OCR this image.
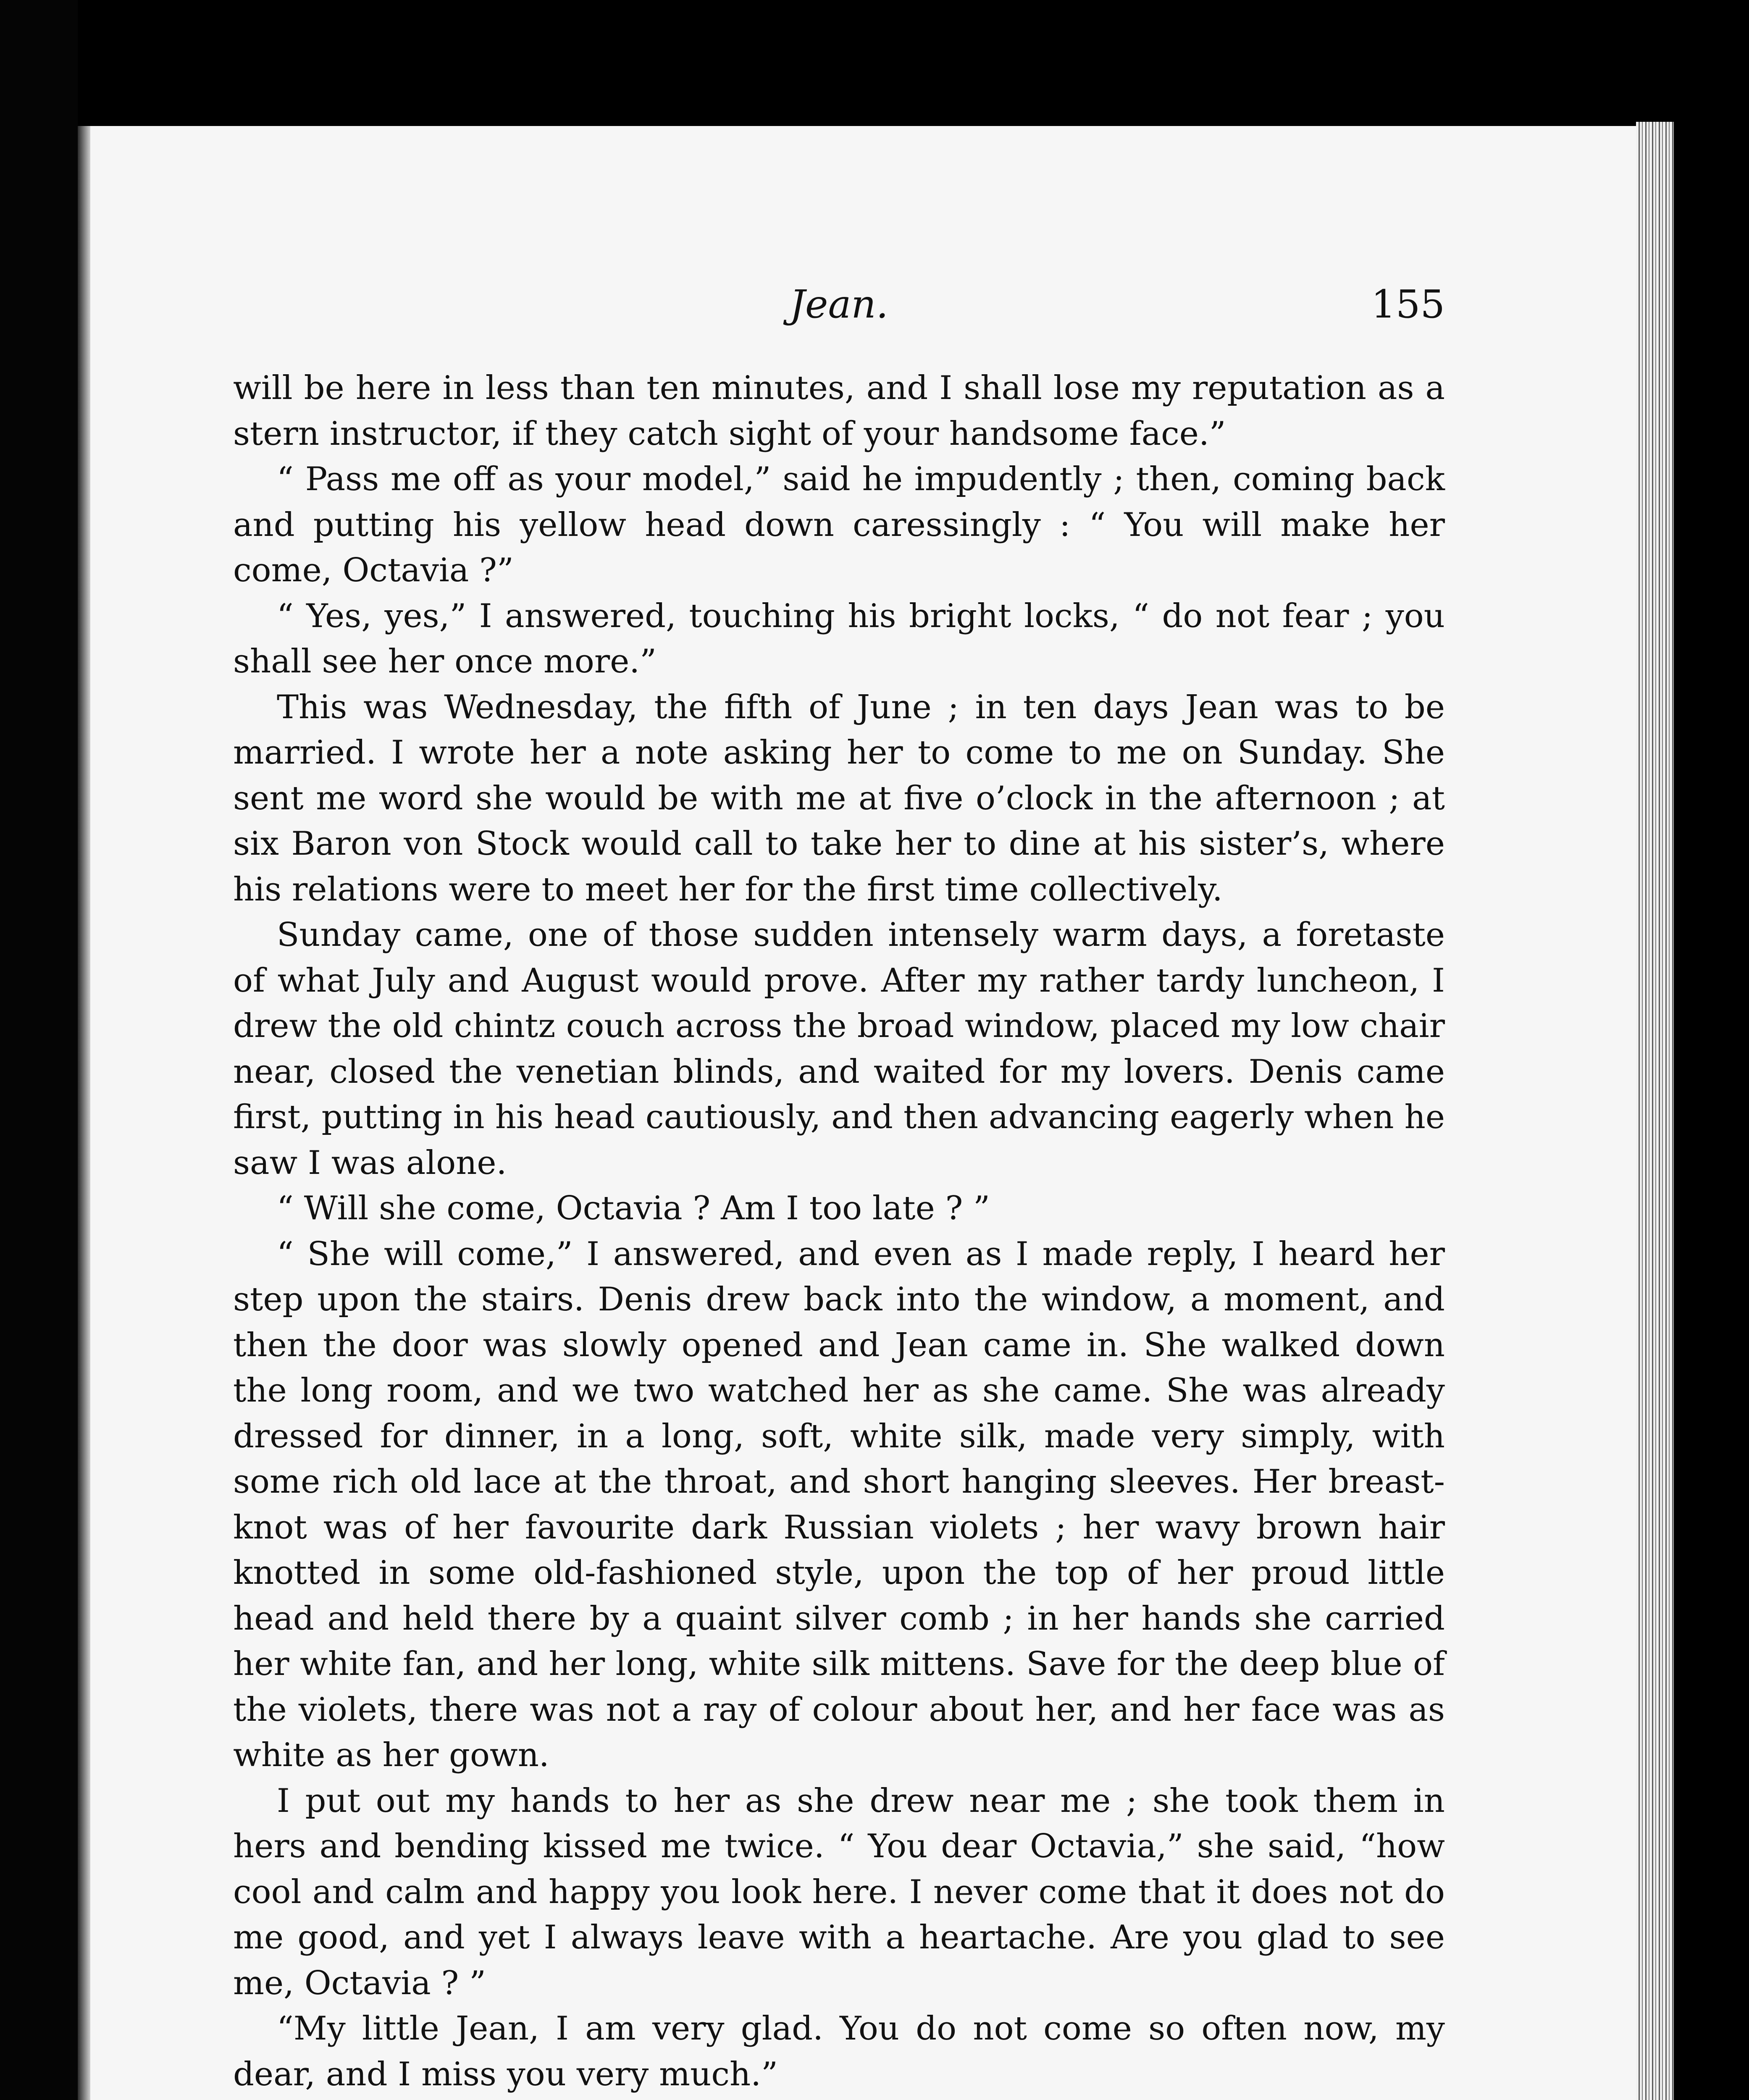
Jean.	155

will be here in less than ten minutes, and I shall lose my reputation as a stern instructor, if they catch sight of your handsome face.”

“ Pass me off as your model,” said he impudently ; then, coming back and putting his yellow head down caressingly : “ You will make her come, Octavia ?”

“ Yes, yes,” I answered, touching his bright locks, “ do not fear ; you shall see her once more.”

This was Wednesday, the fifth of June ; in ten days Jean was to be married. I wrote her a note asking her to come to me on Sunday. She sent me word she would be with me at five o’clock in the afternoon ; at six Baron von Stock would call to take her to dine at his sister’s, where his relations were to meet her for the first time collectively.

Sunday came, one of those sudden intensely warm days, a foretaste of what July and August would prove. After my rather tardy luncheon, I drew the old chintz couch across the broad window, placed my low chair near, closed the venetian blinds, and waited for my lovers. Denis came first, putting in his head cautiously, and then advancing eagerly when he saw I was alone.

“ Will she come, Octavia ? Am I too late ? ”

“ She will come,” I answered, and even as I made reply, I heard her step upon the stairs. Denis drew back into the window, a moment, and then the door was slowly opened and Jean came in. She walked down the long room, and we two watched her as she came. She was already dressed for dinner, in a long, soft, white silk, made very simply, with some rich old lace at the throat, and short hanging sleeves. Her breast-knot was of her favourite dark Russian violets ; her wavy brown hair knotted in some old-fashioned style, upon the top of her proud little head and held there by a quaint silver comb ; in her hands she carried her white fan, and her long, white silk mittens. Save for the deep blue of the violets, there was not a ray of colour about her, and her face was as white as her gown.

I put out my hands to her as she drew near me ; she took them in hers and bending kissed me twice. “ You dear Octavia,” she said, “how cool and calm and happy you look here. I never come that it does not do me good, and yet I always leave with a heartache. Are you glad to see me, Octavia ? ”

“My little Jean, I am very glad. You do not come so often now, my dear, and I miss you very much.”
